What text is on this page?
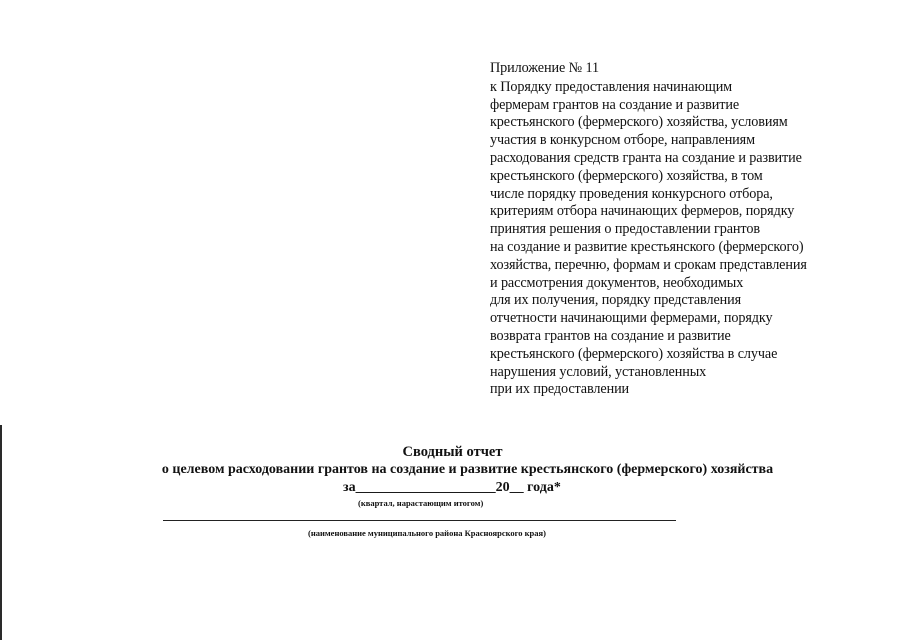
Приложение № 11
к Порядку предоставления начинающим
фермерам грантов на создание и развитие
крестьянского (фермерского) хозяйства, условиям
участия в конкурсном отборе, направлениям
расходования средств гранта на создание и развитие
крестьянского (фермерского) хозяйства, в том
числе порядку проведения конкурсного отбора,
критериям отбора начинающих фермеров, порядку
принятия решения о предоставлении грантов
на создание и развитие крестьянского (фермерского)
хозяйства, перечню, формам и срокам представления
и рассмотрения документов, необходимых
для их получения, порядку представления
отчетности начинающими фермерами, порядку
возврата грантов на создание и развитие
крестьянского (фермерского) хозяйства в случае
нарушения условий, установленных
при их предоставлении
Сводный отчет
о целевом расходовании грантов на создание и развитие крестьянского (фермерского) хозяйства
за____________________20__ года*
(квартал, нарастающим итогом)
(наименование муниципального района Красноярского края)
